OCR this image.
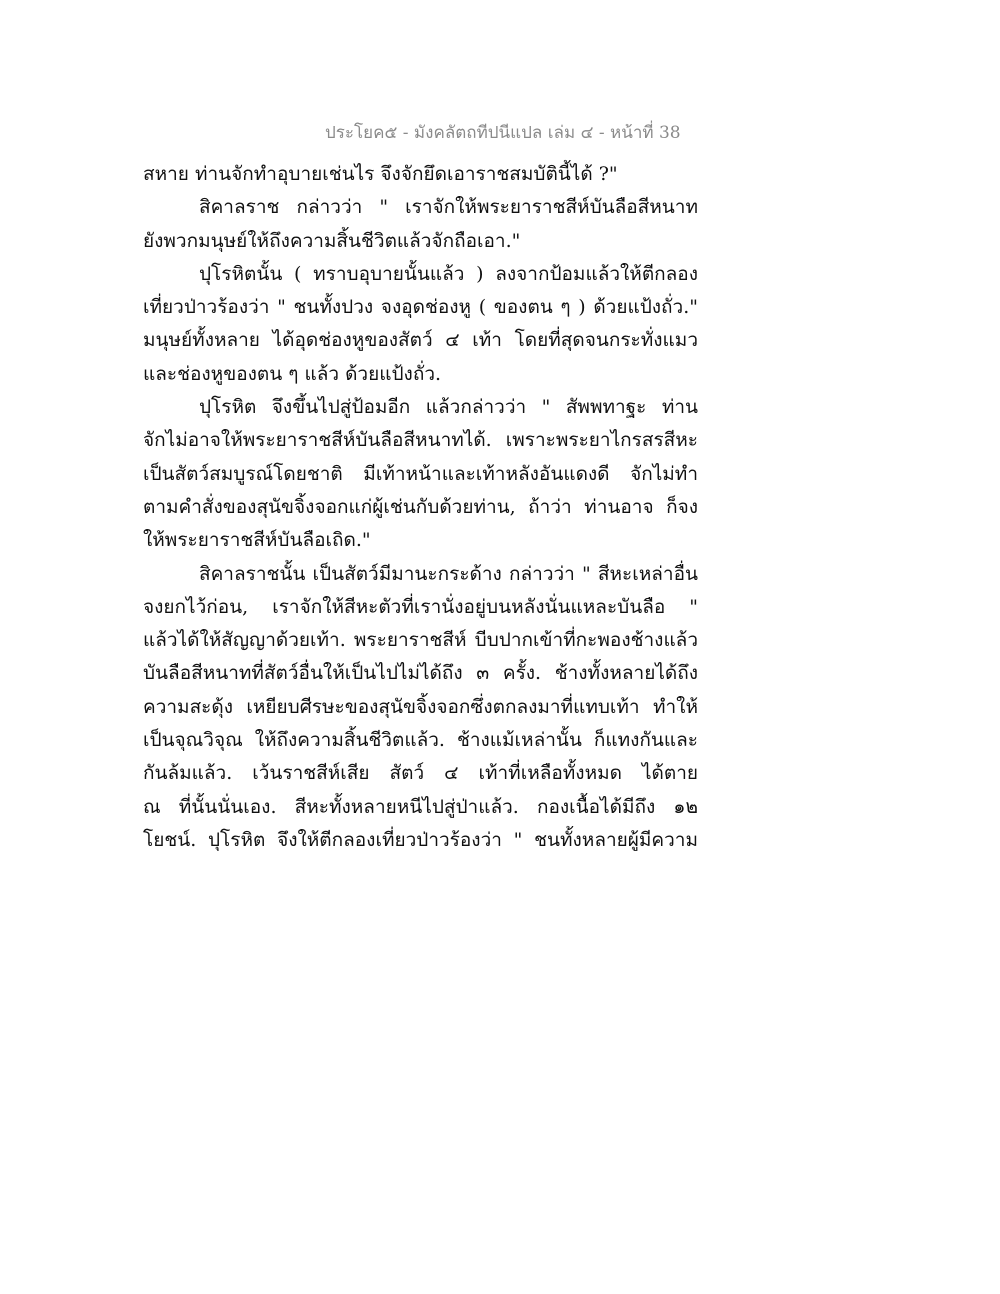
ประโยค๕ - มังคลัตถทีปนีแปล เล่ม ๔ - หน้าที่ 38
สหาย ท่านจักทำอุบายเช่นไร จึงจักยึดเอาราชสมบัตินี้ได้ ?"
สิคาลราช กล่าวว่า " เราจักให้พระยาราชสีห์บันลือสีหนาท
ยังพวกมนุษย์ให้ถึงความสิ้นชีวิตแล้วจักถือเอา."
ปุโรหิตนั้น ( ทราบอุบายนั้นแล้ว ) ลงจากป้อมแล้วให้ตีกลอง
เที่ยวป่าวร้องว่า " ชนทั้งปวง จงอุดช่องหู ( ของตน ๆ ) ด้วยแป้งถั่ว."
มนุษย์ทั้งหลาย ได้อุดช่องหูของสัตว์ ๔ เท้า โดยที่สุดจนกระทั่งแมว
และช่องหูของตน ๆ แล้ว ด้วยแป้งถั่ว.
ปุโรหิต จึงขึ้นไปสู่ป้อมอีก แล้วกล่าวว่า " สัพพทาฐะ ท่าน
จักไม่อาจให้พระยาราชสีห์บันลือสีหนาทได้. เพราะพระยาไกรสรสีหะ
เป็นสัตว์สมบูรณ์โดยชาติ มีเท้าหน้าและเท้าหลังอันแดงดี จักไม่ทำ
ตามคำสั่งของสุนัขจิ้งจอกแก่ผู้เช่นกับด้วยท่าน, ถ้าว่า ท่านอาจ ก็จง
ให้พระยาราชสีห์บันลือเถิด."
สิคาลราชนั้น เป็นสัตว์มีมานะกระด้าง กล่าวว่า " สีหะเหล่าอื่น
จงยกไว้ก่อน, เราจักให้สีหะตัวที่เรานั่งอยู่บนหลังนั่นแหละบันลือ "
แล้วได้ให้สัญญาด้วยเท้า. พระยาราชสีห์ บีบปากเข้าที่กะพองช้างแล้ว
บันลือสีหนาทที่สัตว์อื่นให้เป็นไปไม่ได้ถึง ๓ ครั้ง. ช้างทั้งหลายได้ถึง
ความสะดุ้ง เหยียบศีรษะของสุนัขจิ้งจอกซึ่งตกลงมาที่แทบเท้า ทำให้
เป็นจุณวิจุณ ให้ถึงความสิ้นชีวิตแล้ว. ช้างแม้เหล่านั้น ก็แทงกันและ
กันล้มแล้ว. เว้นราชสีห์เสีย สัตว์ ๔ เท้าที่เหลือทั้งหมด ได้ตาย
ณ ที่นั้นนั่นเอง. สีหะทั้งหลายหนีไปสู่ป่าแล้ว. กองเนื้อได้มีถึง ๑๒
โยชน์. ปุโรหิต จึงให้ตีกลองเที่ยวป่าวร้องว่า " ชนทั้งหลายผู้มีความ
